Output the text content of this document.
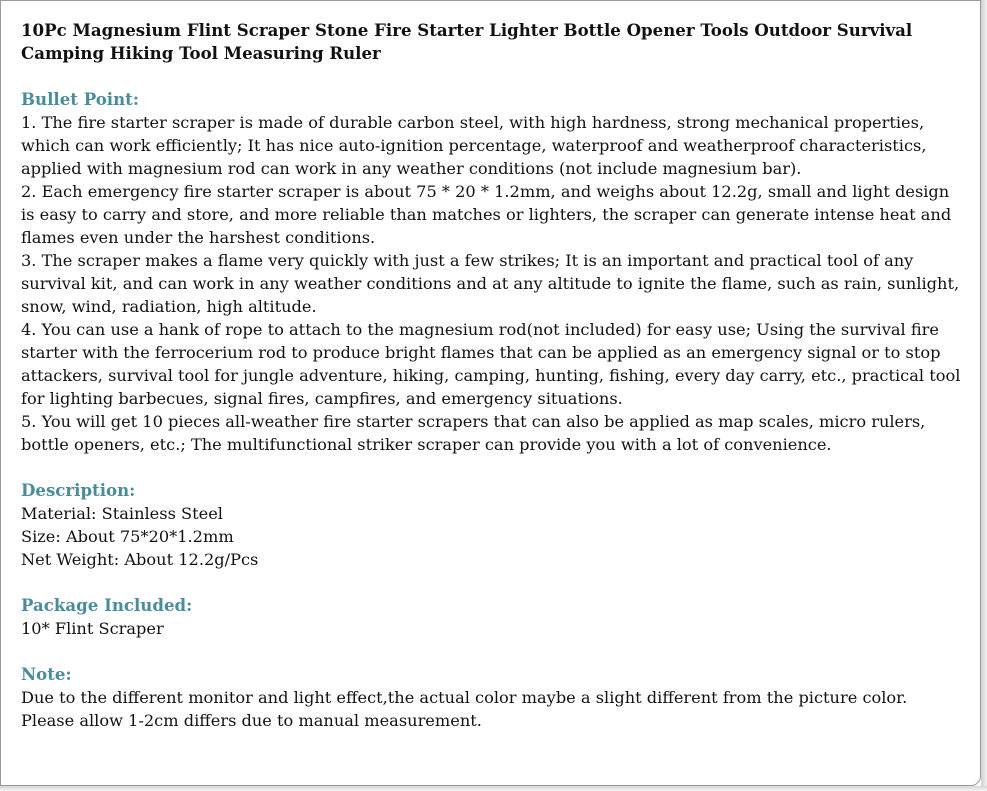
10Pc Magnesium Flint Scraper Stone Fire Starter Lighter Bottle Opener Tools Outdoor Survival Camping Hiking Tool Measuring Ruler
Bullet Point:
1. The fire starter scraper is made of durable carbon steel, with high hardness, strong mechanical properties, which can work efficiently; It has nice auto-ignition percentage, waterproof and weatherproof characteristics, applied with magnesium rod can work in any weather conditions (not include magnesium bar).
2. Each emergency fire starter scraper is about 75 * 20 * 1.2mm, and weighs about 12.2g, small and light design is easy to carry and store, and more reliable than matches or lighters, the scraper can generate intense heat and flames even under the harshest conditions.
3. The scraper makes a flame very quickly with just a few strikes; It is an important and practical tool of any survival kit, and can work in any weather conditions and at any altitude to ignite the flame, such as rain, sunlight, snow, wind, radiation, high altitude.
4. You can use a hank of rope to attach to the magnesium rod(not included) for easy use; Using the survival fire starter with the ferrocerium rod to produce bright flames that can be applied as an emergency signal or to stop attackers, survival tool for jungle adventure, hiking, camping, hunting, fishing, every day carry, etc., practical tool for lighting barbecues, signal fires, campfires, and emergency situations.
5. You will get 10 pieces all-weather fire starter scrapers that can also be applied as map scales, micro rulers, bottle openers, etc.; The multifunctional striker scraper can provide you with a lot of convenience.
Description:
Material: Stainless Steel
Size: About 75*20*1.2mm
Net Weight: About 12.2g/Pcs
Package Included:
10* Flint Scraper
Note:
Due to the different monitor and light effect,the actual color maybe a slight different from the picture color.
Please allow 1-2cm differs due to manual measurement.
